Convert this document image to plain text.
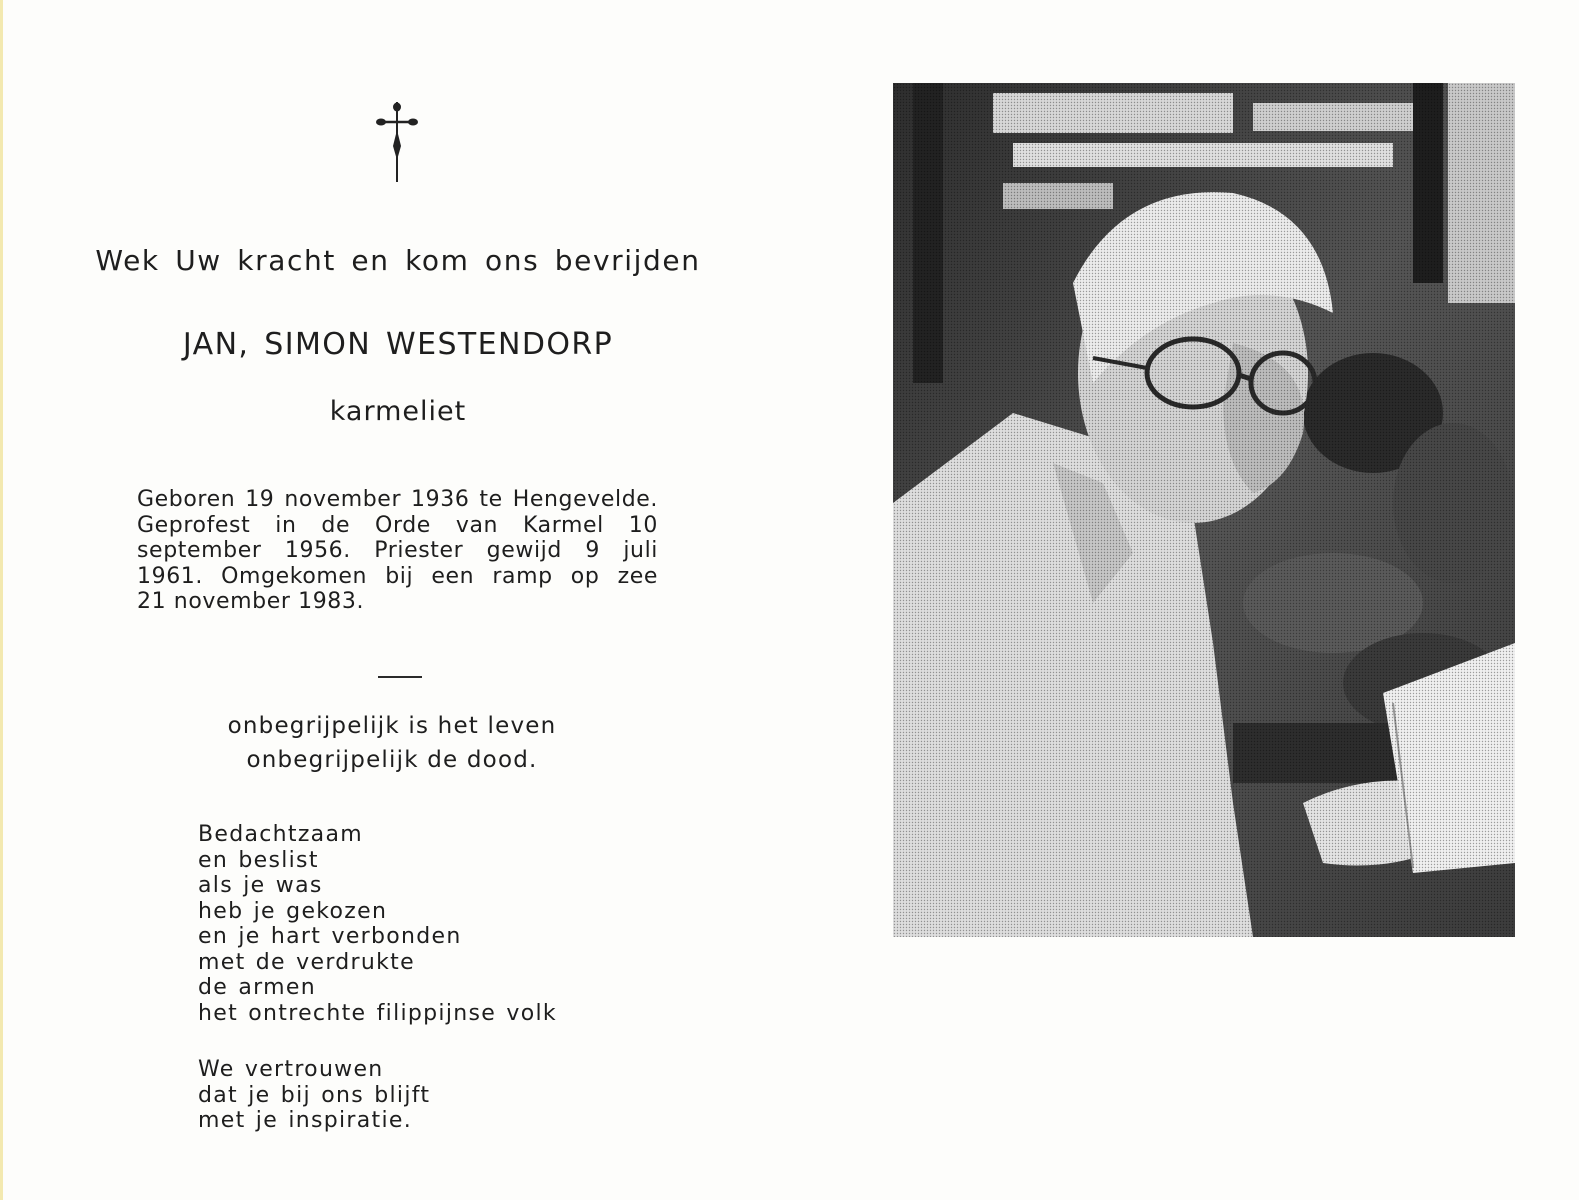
Wek Uw kracht en kom ons bevrijden
JAN, SIMON WESTENDORP
karmeliet
Geboren 19 november 1936 te Hengevelde.
Geprofest in de Orde van Karmel 10
september 1956. Priester gewijd 9 juli
1961. Omgekomen bij een ramp op zee
21 november 1983.
onbegrijpelijk is het leven
onbegrijpelijk de dood.
Bedachtzaam
en beslist
als je was
heb je gekozen
en je hart verbonden
met de verdrukte
de armen
het ontrechte filippijnse volk
We vertrouwen
dat je bij ons blijft
met je inspiratie.
